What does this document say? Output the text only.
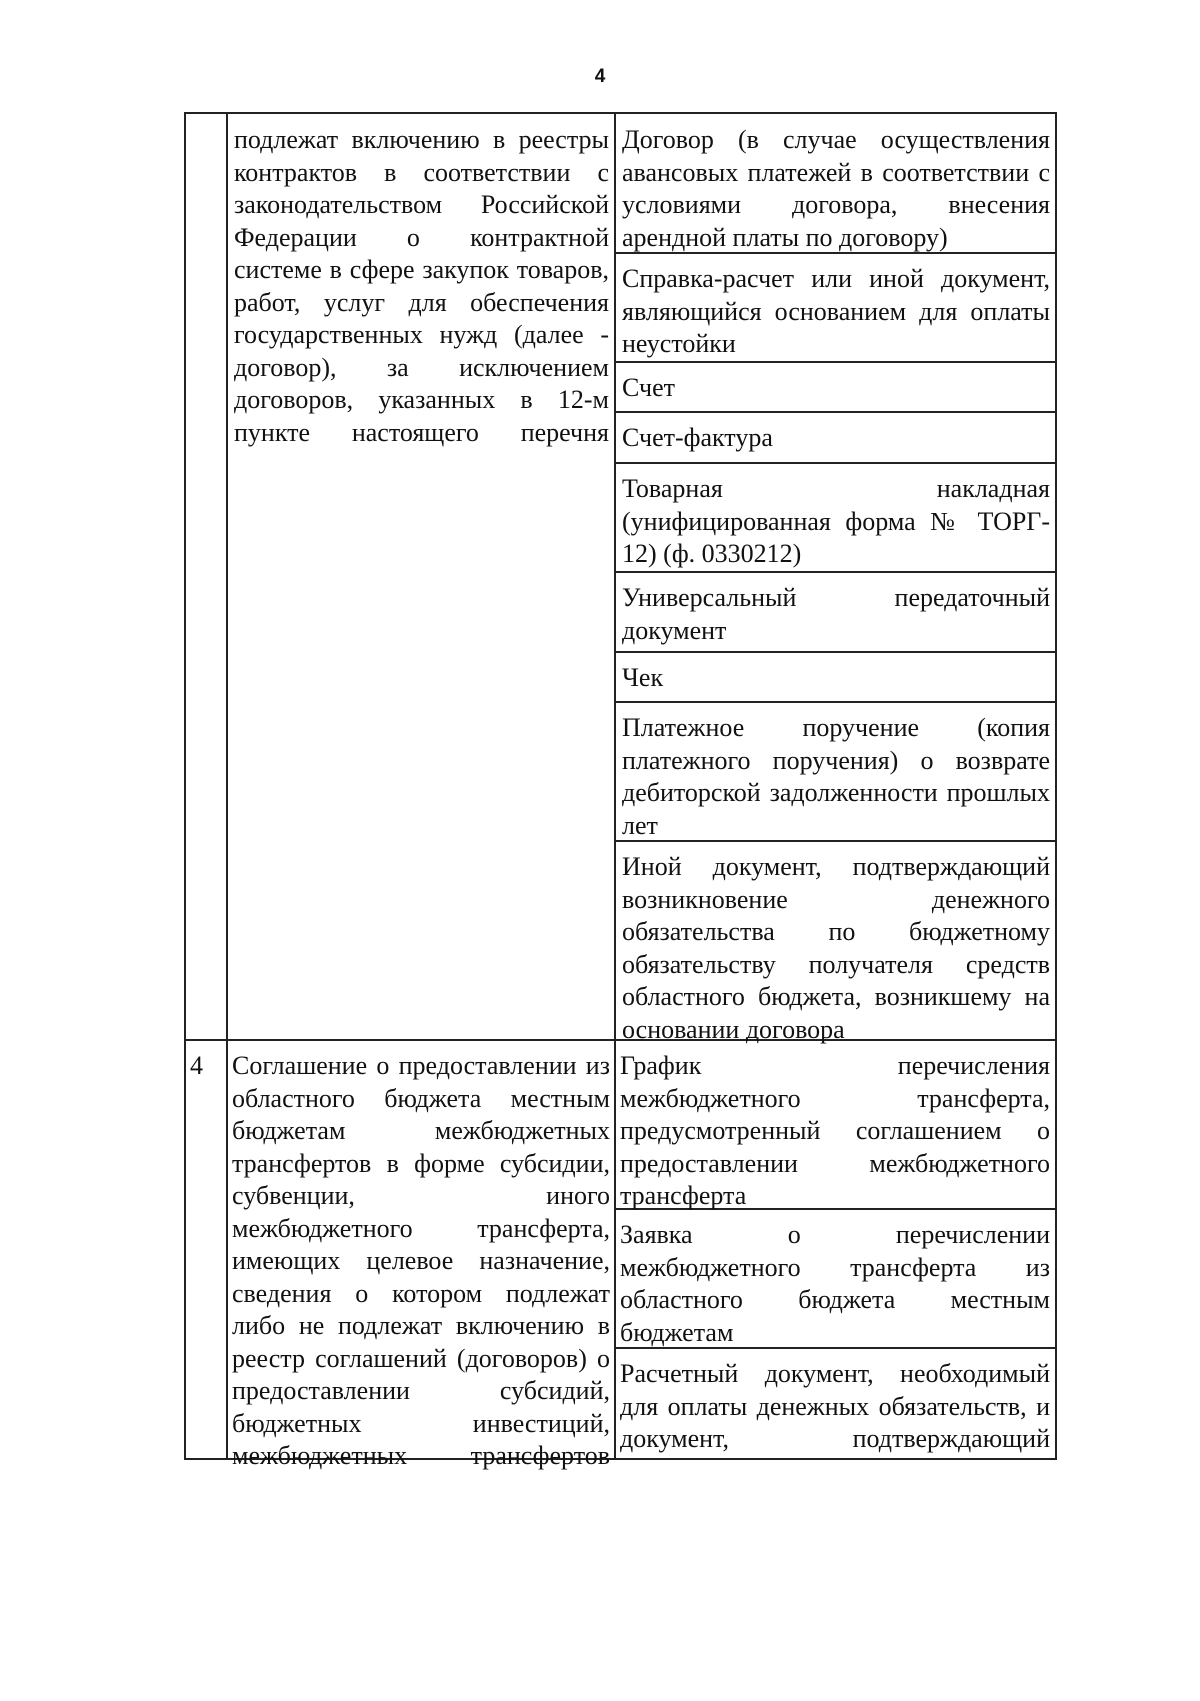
4
подлежат включению в реестры
контрактов в соответствии с
законодательством Российской
Федерации о контрактной
системе в сфере закупок товаров,
работ, услуг для обеспечения
государственных нужд (далее -
договор), за исключением
договоров, указанных в 12-м
пункте настоящего перечня
Договор (в случае осуществления
авансовых платежей в соответствии с
условиями договора, внесения
арендной платы по договору)
Справка-расчет или иной документ,
являющийся основанием для оплаты
неустойки
Счет
Счет-фактура
Товарная накладная
(унифицированная форма № ТОРГ-
12) (ф. 0330212)
Универсальный передаточный
документ
Чек
Платежное поручение (копия
платежного поручения) о возврате
дебиторской задолженности прошлых
лет
Иной документ, подтверждающий
возникновение денежного
обязательства по бюджетному
обязательству получателя средств
областного бюджета, возникшему на
основании договора
4	Соглашение о предоставлении из
областного бюджета местным
бюджетам межбюджетных
трансфертов в форме субсидии,
субвенции, иного
межбюджетного трансферта,
имеющих целевое назначение,
сведения о котором подлежат
либо не подлежат включению в
реестр соглашений (договоров) о
предоставлении субсидий,
бюджетных инвестиций,
межбюджетных трансфертов
График перечисления
межбюджетного трансферта,
предусмотренный соглашением о
предоставлении межбюджетного
трансферта
Заявка о перечислении
межбюджетного трансферта из
областного бюджета местным
бюджетам
Расчетный документ, необходимый
для оплаты денежных обязательств, и
документ, подтверждающий
